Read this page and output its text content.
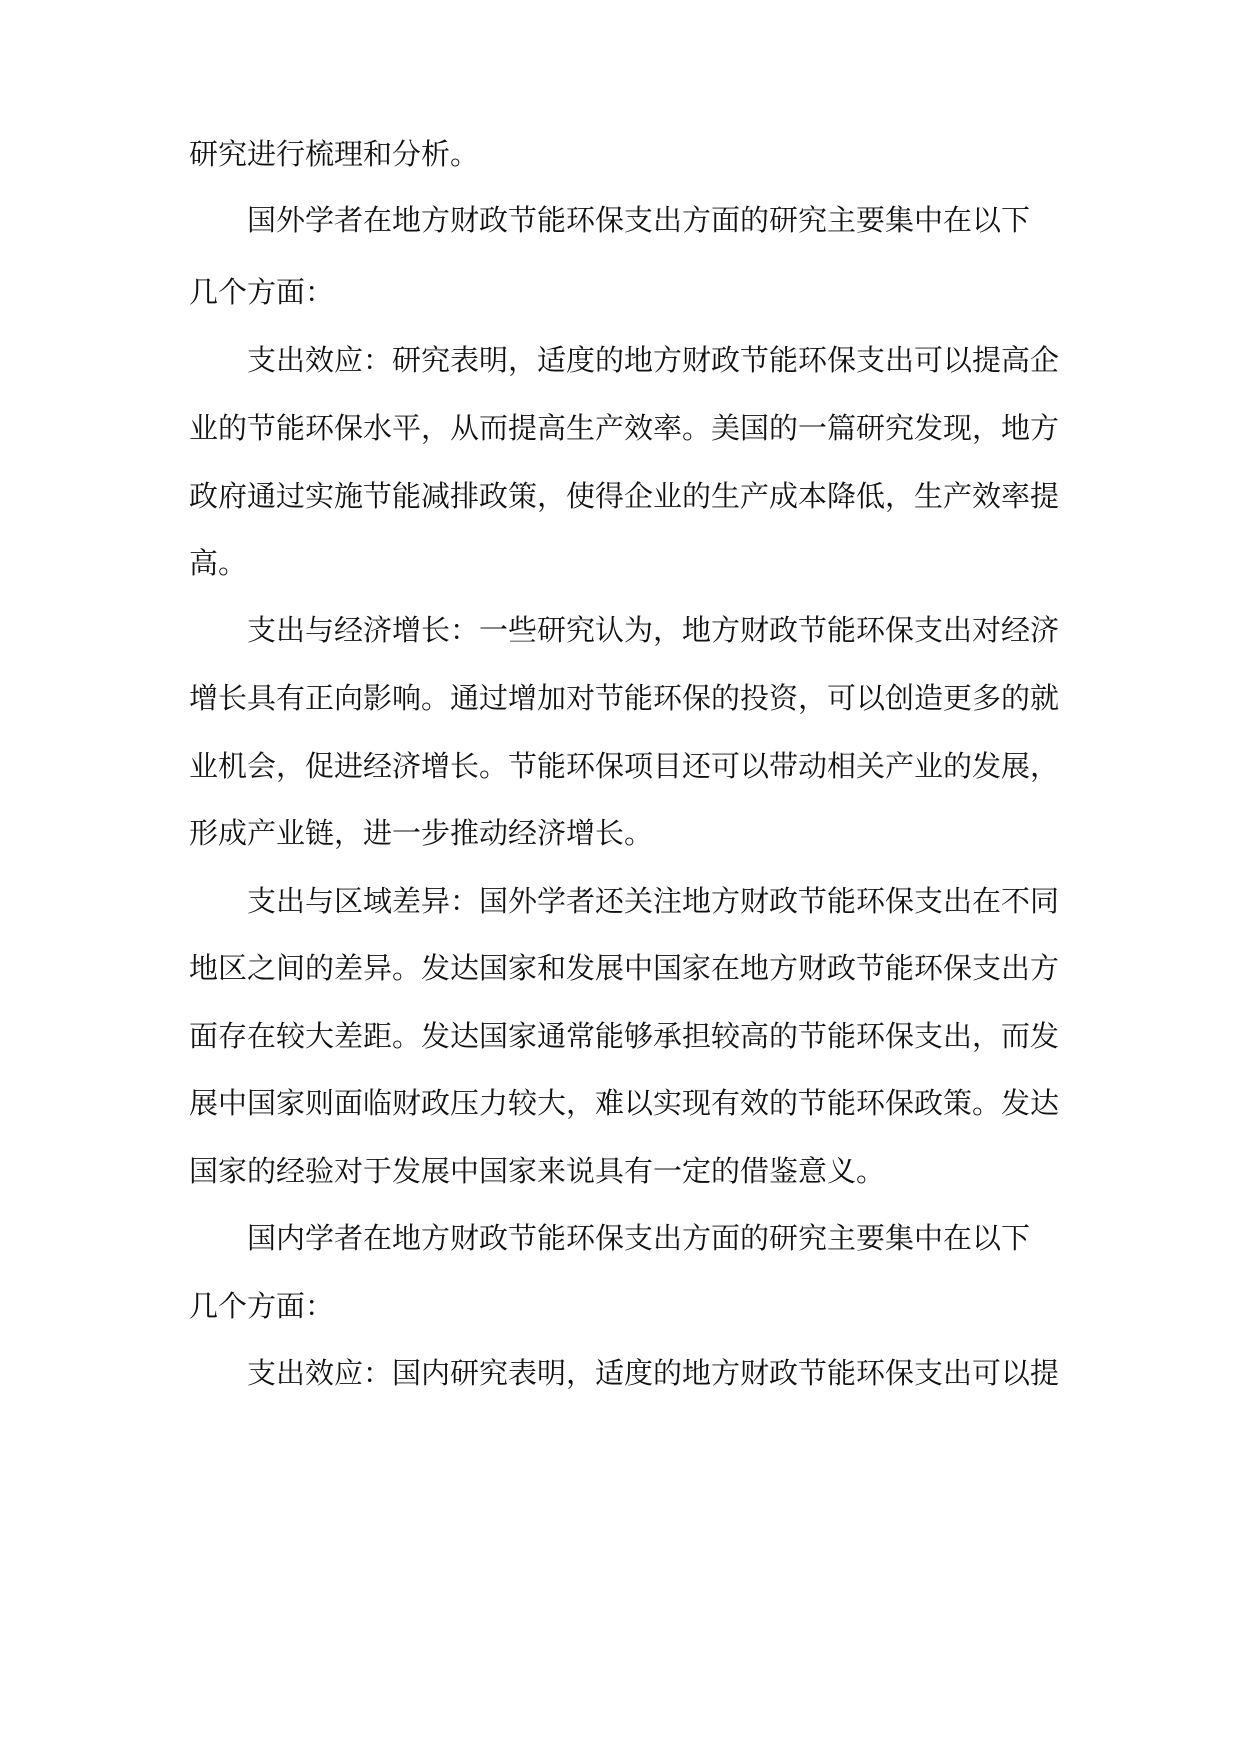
研究进行梳理和分析。
国外学者在地方财政节能环保支出方面的研究主要集中在以下
几个方面：
支出效应：研究表明，适度的地方财政节能环保支出可以提高企
业的节能环保水平，从而提高生产效率。美国的一篇研究发现，地方
政府通过实施节能减排政策，使得企业的生产成本降低，生产效率提
高。
支出与经济增长：一些研究认为，地方财政节能环保支出对经济
增长具有正向影响。通过增加对节能环保的投资，可以创造更多的就
业机会，促进经济增长。节能环保项目还可以带动相关产业的发展，
形成产业链，进一步推动经济增长。
支出与区域差异：国外学者还关注地方财政节能环保支出在不同
地区之间的差异。发达国家和发展中国家在地方财政节能环保支出方
面存在较大差距。发达国家通常能够承担较高的节能环保支出，而发
展中国家则面临财政压力较大，难以实现有效的节能环保政策。发达
国家的经验对于发展中国家来说具有一定的借鉴意义。
国内学者在地方财政节能环保支出方面的研究主要集中在以下
几个方面：
支出效应：国内研究表明，适度的地方财政节能环保支出可以提
